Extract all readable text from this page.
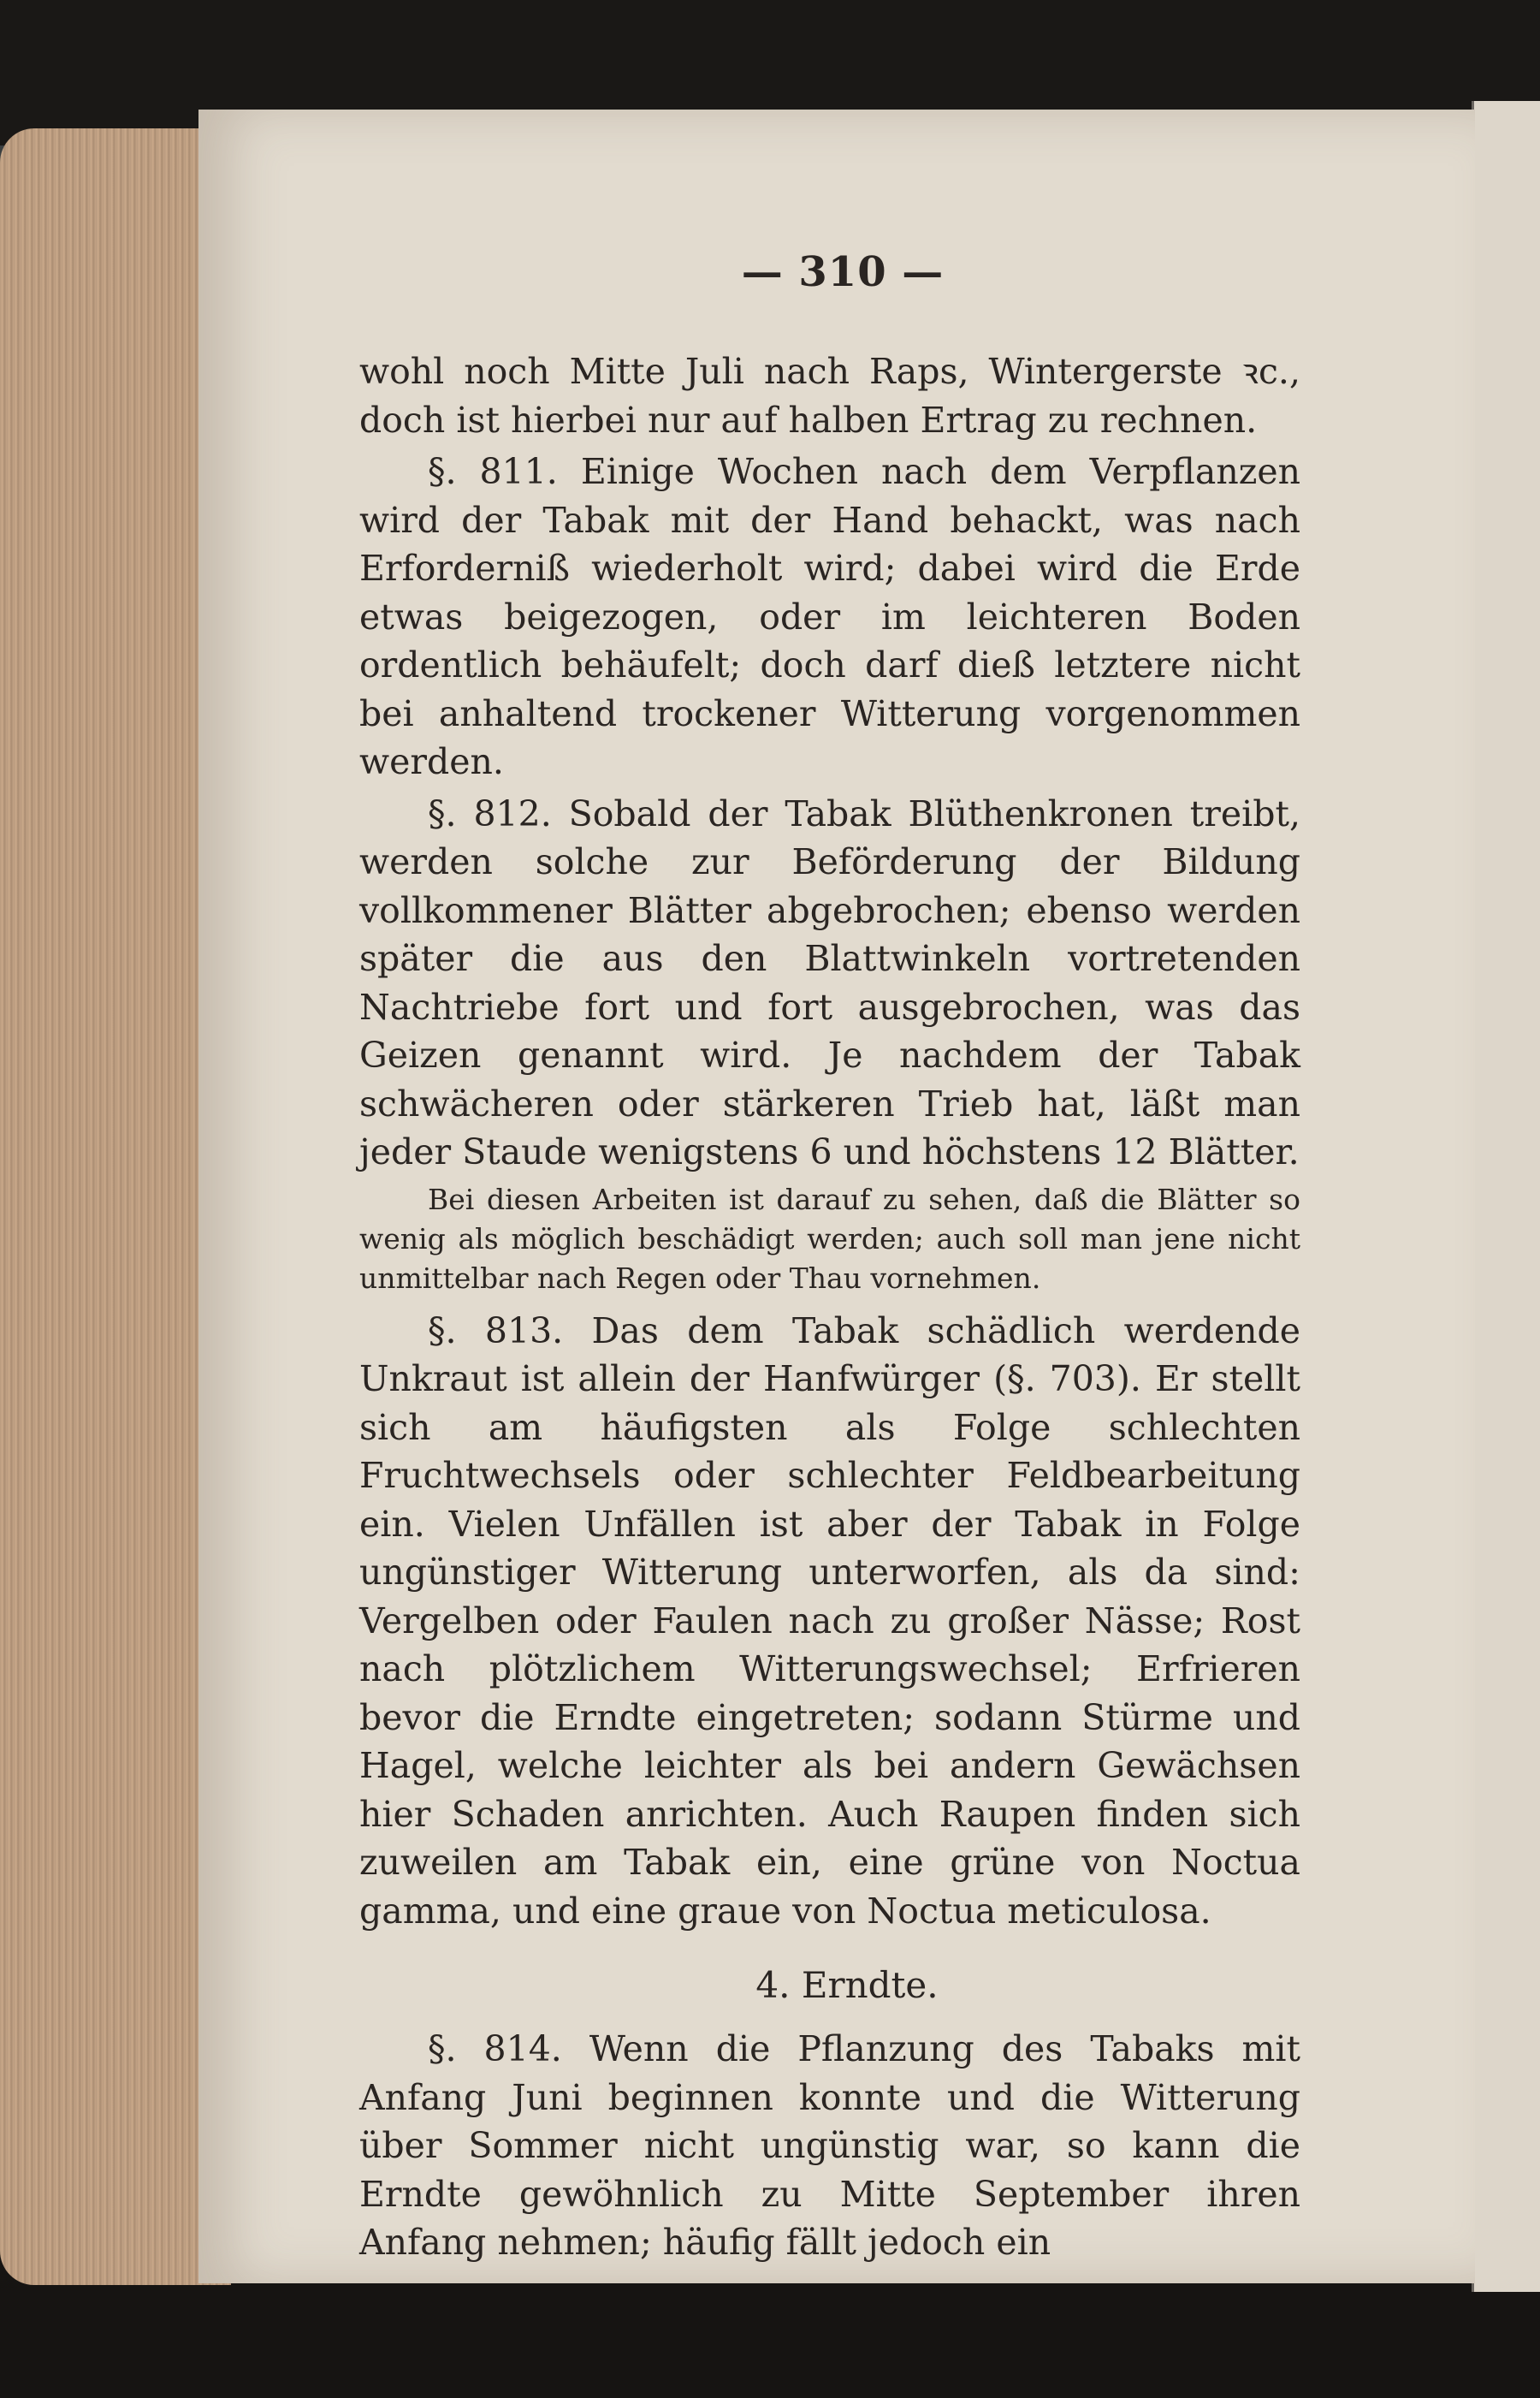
— 310 —

wohl noch Mitte Juli nach Raps, Wintergerste ꝛc., doch ist hierbei nur auf halben Ertrag zu rechnen.

§. 811. Einige Wochen nach dem Verpflanzen wird der Tabak mit der Hand behackt, was nach Erforderniß wiederholt wird; dabei wird die Erde etwas beigezogen, oder im leichteren Boden ordentlich behäufelt; doch darf dieß letztere nicht bei anhaltend trockener Witterung vorgenommen werden.

§. 812. Sobald der Tabak Blüthenkronen treibt, werden solche zur Beförderung der Bildung vollkommener Blätter abgebrochen; ebenso werden später die aus den Blattwinkeln vortretenden Nachtriebe fort und fort ausgebrochen, was das Geizen genannt wird. Je nachdem der Tabak schwächeren oder stärkeren Trieb hat, läßt man jeder Staude wenigstens 6 und höchstens 12 Blätter.

Bei diesen Arbeiten ist darauf zu sehen, daß die Blätter so wenig als möglich beschädigt werden; auch soll man jene nicht unmittelbar nach Regen oder Thau vornehmen.

§. 813. Das dem Tabak schädlich werdende Unkraut ist allein der Hanfwürger (§. 703). Er stellt sich am häufigsten als Folge schlechten Fruchtwechsels oder schlechter Feldbearbeitung ein. Vielen Unfällen ist aber der Tabak in Folge ungünstiger Witterung unterworfen, als da sind: Vergelben oder Faulen nach zu großer Nässe; Rost nach plötzlichem Witterungswechsel; Erfrieren bevor die Erndte eingetreten; sodann Stürme und Hagel, welche leichter als bei andern Gewächsen hier Schaden anrichten. Auch Raupen finden sich zuweilen am Tabak ein, eine grüne von Noctua gamma, und eine graue von Noctua meticulosa.

4. Erndte.

§. 814. Wenn die Pflanzung des Tabaks mit Anfang Juni beginnen konnte und die Witterung über Sommer nicht ungünstig war, so kann die Erndte gewöhnlich zu Mitte September ihren Anfang nehmen; häufig fällt jedoch ein
